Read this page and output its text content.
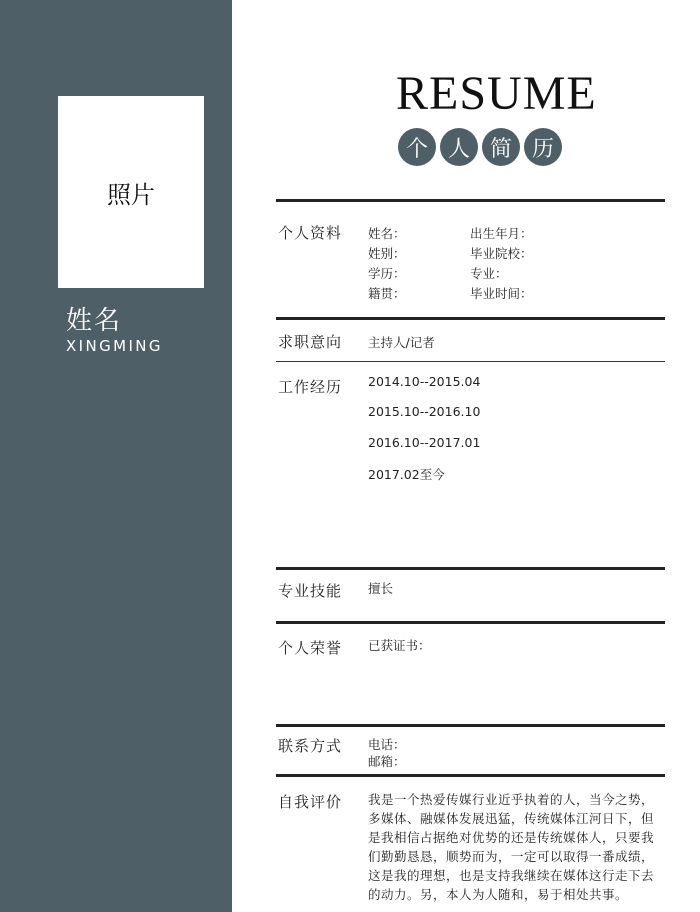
照片
姓名
XINGMING
RESUME
个 人 简 历
个人资料 姓名：	出生年月：
姓别：	毕业院校：
学历：	专业：
籍贯：	毕业时间：
求职意向 主持人/记者
工作经历 2014.10--2015.04
2015.10--2016.10
2016.10--2017.01
2017.02至今
专业技能 擅长
个人荣誉 已获证书：
联系方式 电话：
邮箱：
自我评价 我是一个热爱传媒行业近乎执着的人，当今之势，多媒体、融媒体发展迅猛，传统媒体江河日下，但是我相信占据绝对优势的还是传统媒体人，只要我们勤勤恳恳，顺势而为，一定可以取得一番成绩，这是我的理想，也是支持我继续在媒体这行走下去的动力。另，本人为人随和，易于相处共事。
